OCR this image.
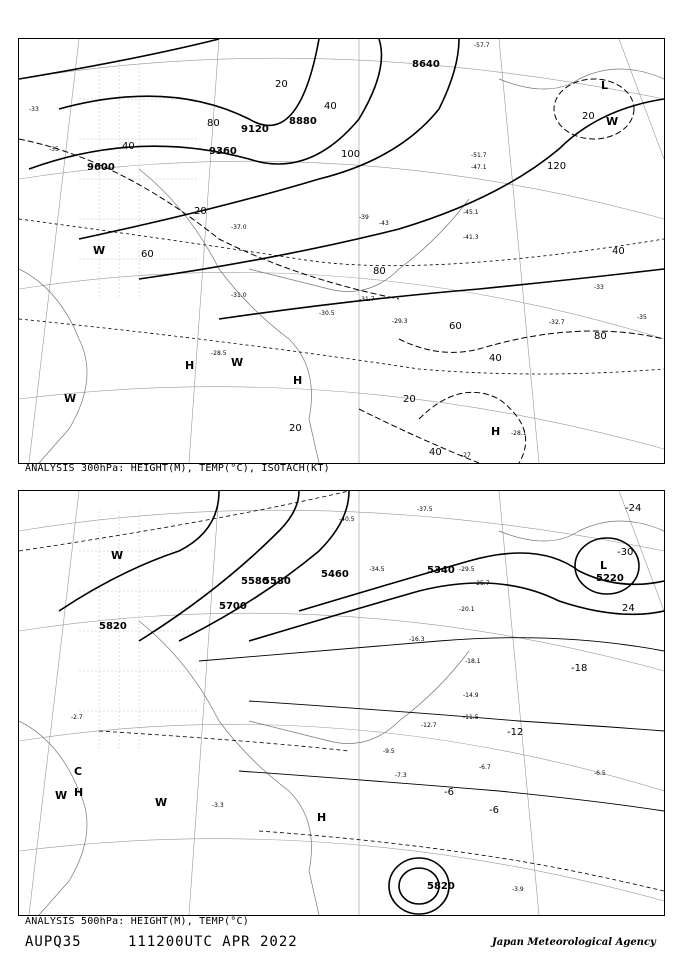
9600
9360
9120
8880
8640
20
40
60
80
100
120
80
60
40
20
40
20
40
20
80
40
20
-33
-35
-37.0
-39
-41.3
-43
-45.1
-47.1
-51.7
-57.7
-31.0
-31.7
-29.3
-28.5
-27
-28.1
-30.5
-32.7
-33
-35
H
H
H
W
W
W
W
L
ANALYSIS 300hPa: HEIGHT(M), TEMP(°C), ISOTACH(KT)
5820
5700
5580
5460	5340
5220
5820
5580
-24
-30
24
-18
-12
-6
-6
-34.5
-40.5
-37.5
-29.5
-20.1
-16.3
-14.9
-11.5
-9.5
-7.3
-6.7
-6.5
-3.9
-3.3
-2.7
-12.7
-18.1
-25.7
L
H
H
C
W
W
W
ANALYSIS 500hPa: HEIGHT(M), TEMP(°C)
AUPQ35	111200UTC APR 2022	Japan Meteorological Agency
